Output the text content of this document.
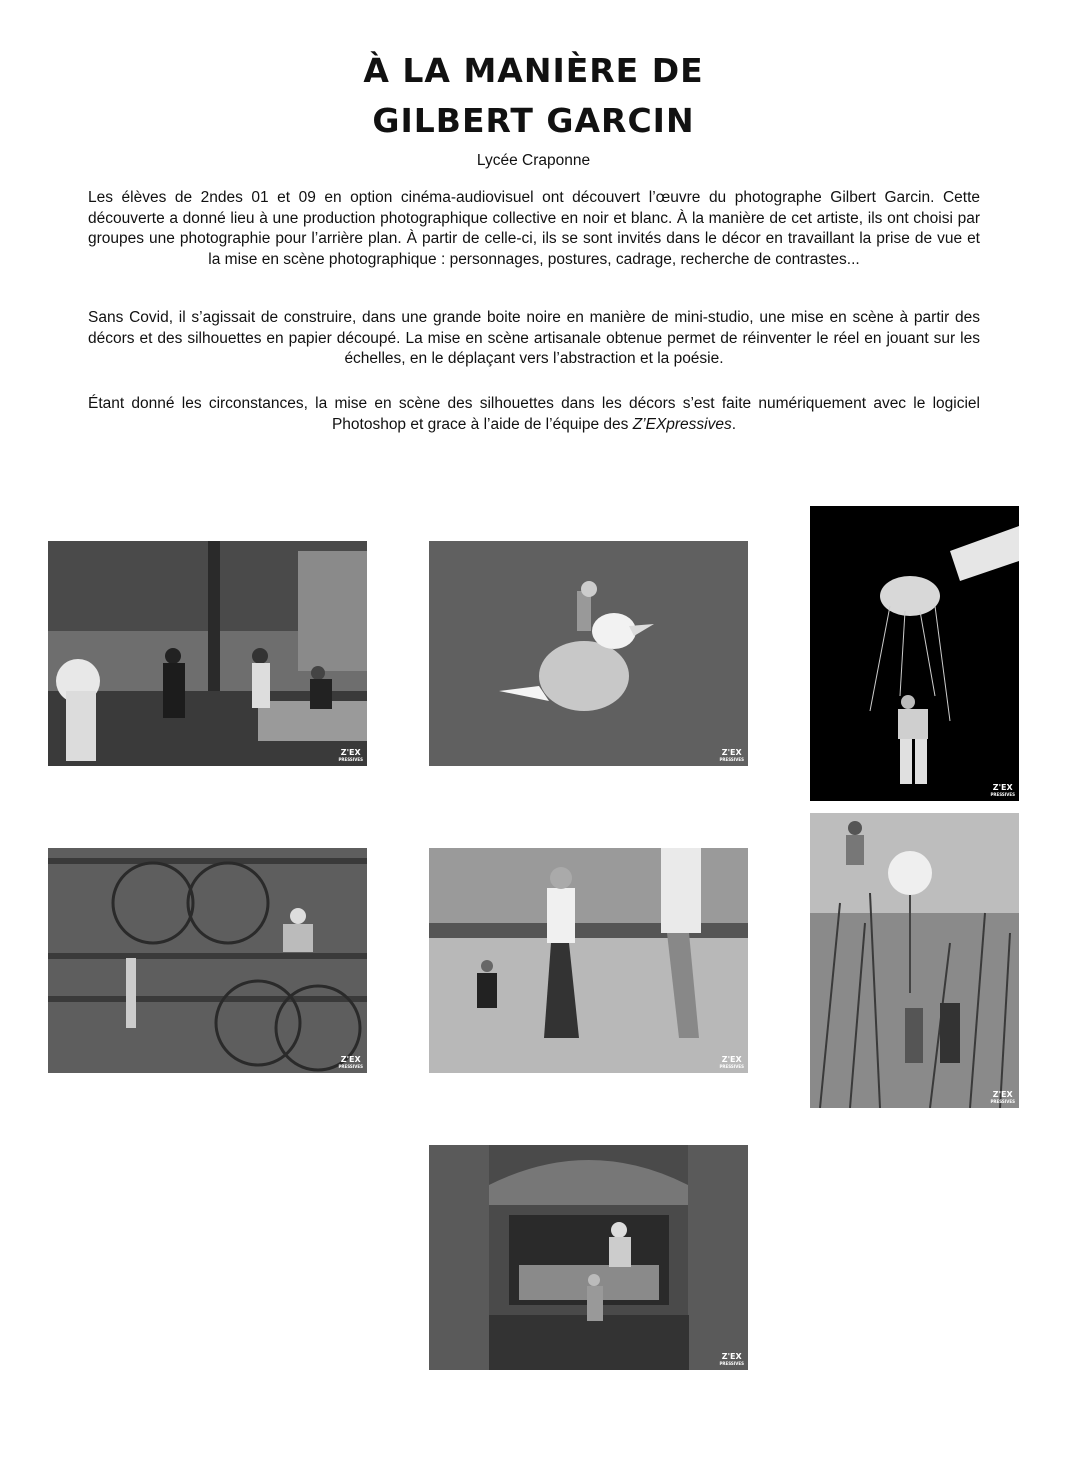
À LA MANIÈRE DE
GILBERT GARCIN
Lycée Craponne
Les élèves de 2ndes 01 et 09 en option cinéma-audiovisuel ont découvert l’œuvre du photographe Gilbert Garcin. Cette découverte a donné lieu à une production photographique collective en noir et blanc. À la manière de cet artiste, ils ont choisi par groupes une photographie pour l’arrière plan. À partir de celle-ci, ils se sont invités dans le décor en travaillant la prise de vue et la mise en scène photographique : personnages, postures, cadrage, recherche de contrastes...
Sans Covid, il s’agissait de construire, dans une grande boite noire en manière de mini-studio, une mise en scène à partir des décors et des silhouettes en papier découpé. La mise en scène artisanale obtenue permet de réinventer le réel en jouant sur les échelles, en le déplaçant vers l’abstraction et la poésie.
Étant donné les circonstances, la mise en scène des silhouettes dans les décors s’est faite numériquement avec le logiciel Photoshop et grace à l’aide de l’équipe des Z’EXpressives.
Z'EX
PRESSIVES
Z'EX
PRESSIVES
Z'EX
PRESSIVES
Z'EX
PRESSIVES
Z'EX
PRESSIVES
Z'EX
PRESSIVES
Z'EX
PRESSIVES
